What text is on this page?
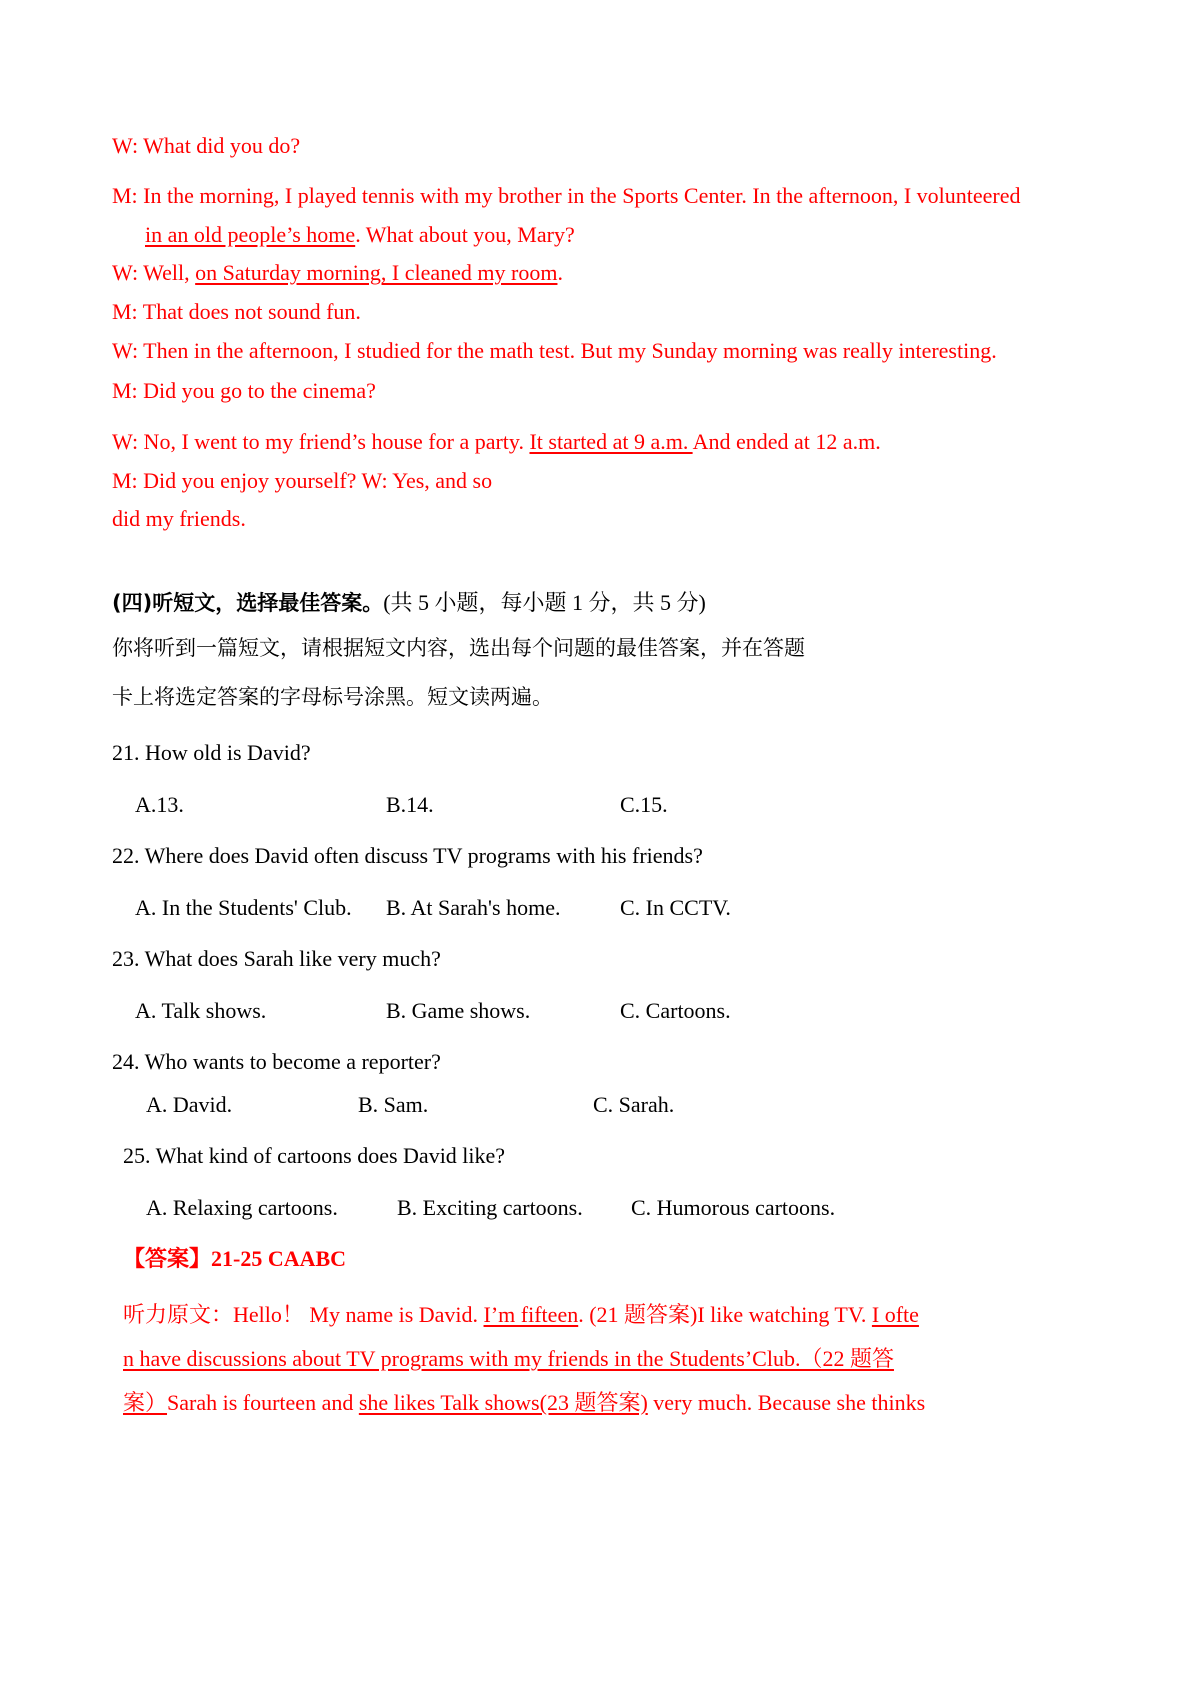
W: What did you do?
M: In the morning, I played tennis with my brother in the Sports Center. In the afternoon, I volunteered
in an old people’s home. What about you, Mary?
W: Well, on Saturday morning, I cleaned my room.
M: That does not sound fun.
W: Then in the afternoon, I studied for the math test. But my Sunday morning was really interesting.
M: Did you go to the cinema?
W: No, I went to my friend’s house for a party. It started at 9 a.m. And ended at 12 a.m.
M: Did you enjoy yourself? W: Yes, and so
did my friends.
(四)听短文，选择最佳答案。(共 5 小题，每小题 1 分，共 5 分)
你将听到一篇短文，请根据短文内容，选出每个问题的最佳答案，并在答题
卡上将选定答案的字母标号涂黑。短文读两遍。
21. How old is David?
A.13.	B.14.	C.15.
22. Where does David often discuss TV programs with his friends?
A. In the Students' Club. B. At Sarah's home.	C. In CCTV.
23. What does Sarah like very much?
A. Talk shows.	B. Game shows.	C. Cartoons.
24. Who wants to become a reporter?
A. David.	B. Sam.	C. Sarah.
25. What kind of cartoons does David like?
A. Relaxing cartoons.	B. Exciting cartoons. C. Humorous cartoons.
【答案】21-25 CAABC
听力原文：Hello！ My name is David. I’m fifteen. (21 题答案)I like watching TV. I ofte
n have discussions about TV programs with my friends in the Students’Club.（22 题答
案）Sarah is fourteen and she likes Talk shows(23 题答案) very much. Because she thinks
